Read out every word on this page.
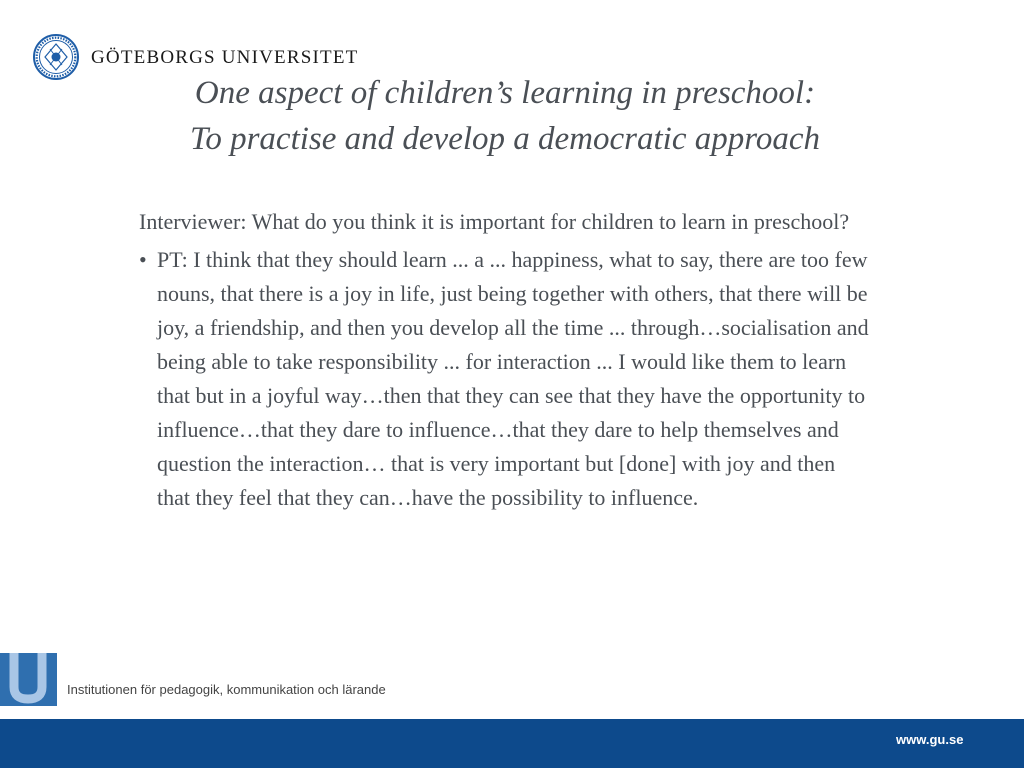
GÖTEBORGS UNIVERSITET
One aspect of children’s learning in preschool:
To practise and develop a democratic approach

Interviewer: What do you think it is important for children to learn in preschool?

• PT: I think that they should learn ... a ... happiness, what to say, there are too few nouns, that there is a joy in life, just being together with others, that there will be joy, a friendship, and then you develop all the time ... through…socialisation and being able to take responsibility ... for interaction ... I would like them to learn that but in a joyful way…then that they can see that they have the opportunity to influence…that they dare to influence…that they dare to help themselves and question the interaction… that is very important but [done] with joy and then that they feel that they can…have the possibility to influence.

Institutionen för pedagogik, kommunikation och lärande
www.gu.se
